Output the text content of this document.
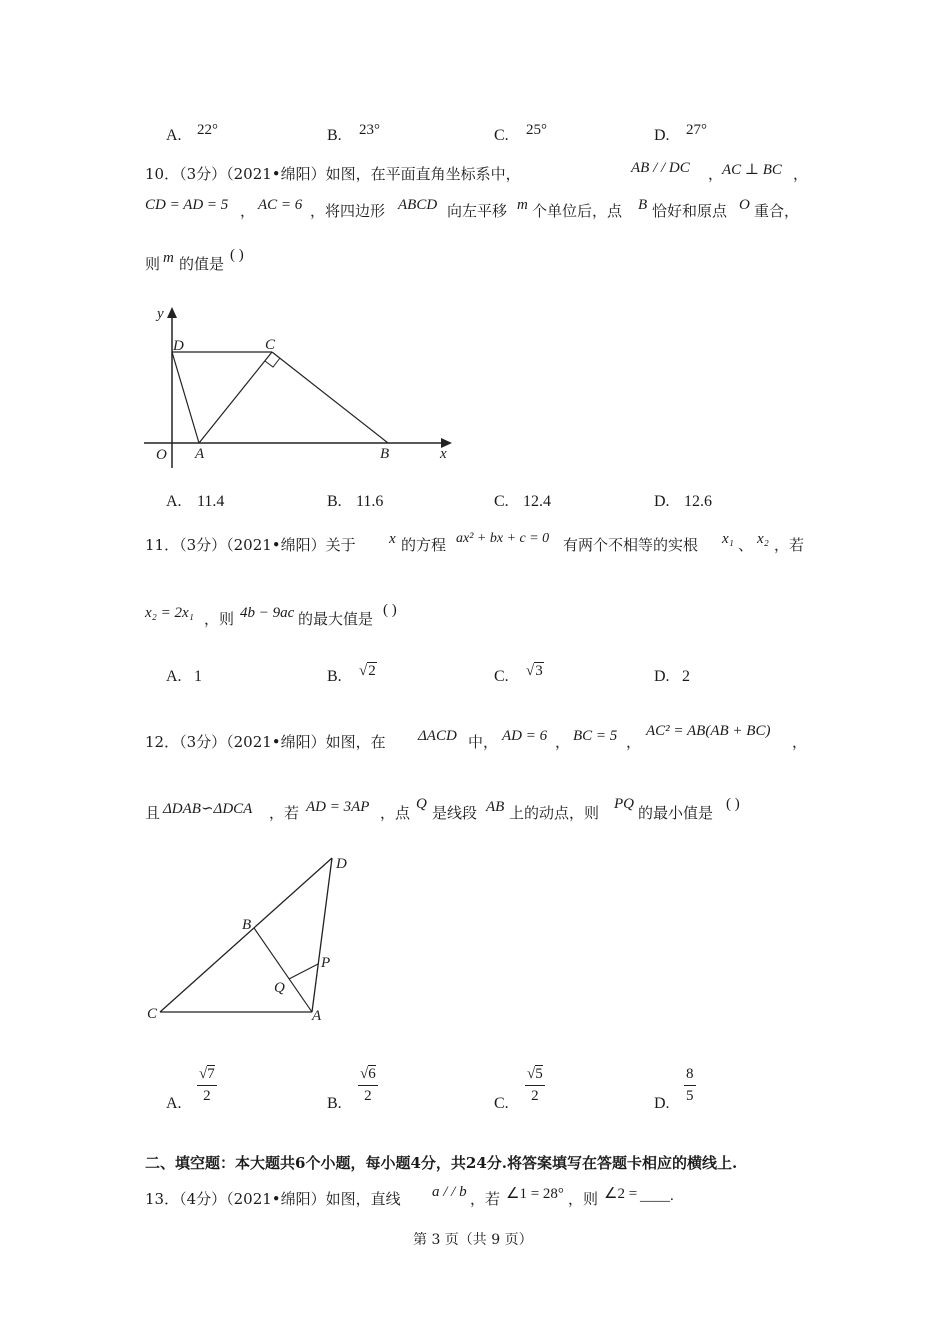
A. 22°	B. 23°	C. 25°	D. 27°
10．（3分）（2021•绵阳）如图，在平面直角坐标系中，	AB / / DC ，
AC ⊥ BC ，
CD = AD = 5 ， AC = 6 ，将四边形 ABCD 向左平移 m 个单位后，点 B 恰好和原点 O 重合，
则 m 的值是 ( )
y
D	C
O A	B	x
A. 11.4	B. 11.6	C. 12.4	D. 12.6
11．（3分）（2021•绵阳）关于 x 的方程 ax² + bx + c = 0 有两个不相等的实根 x₁ 、 x₂ ，若
x₂ = 2x₁ ，则 4b − 9ac 的最大值是 ( )
A. 1	B. √2	C. √3	D. 2
12．（3分）（2021•绵阳）如图，在 ΔACD 中， AD = 6 ， BC = 5 ，
AC² = AB(AB + BC)
，
且 ΔDAB∽ΔDCA ，若 AD = 3AP ，点 Q 是线段 AB 上的动点，则 PQ 的最小值是 ( )
D
B
P
Q
C	A
A.
√7
2	B.
√6
2	C.
√5
2	D.
8
5
二、填空题：本大题共6个小题，每小题4分，共24分.将答案填写在答题卡相应的横线上.
13．（4分）（2021•绵阳）如图，直线 a / / b ，若 ∠1 = 28° ，则 ∠2 = ____.
第 3 页（共 9 页）
